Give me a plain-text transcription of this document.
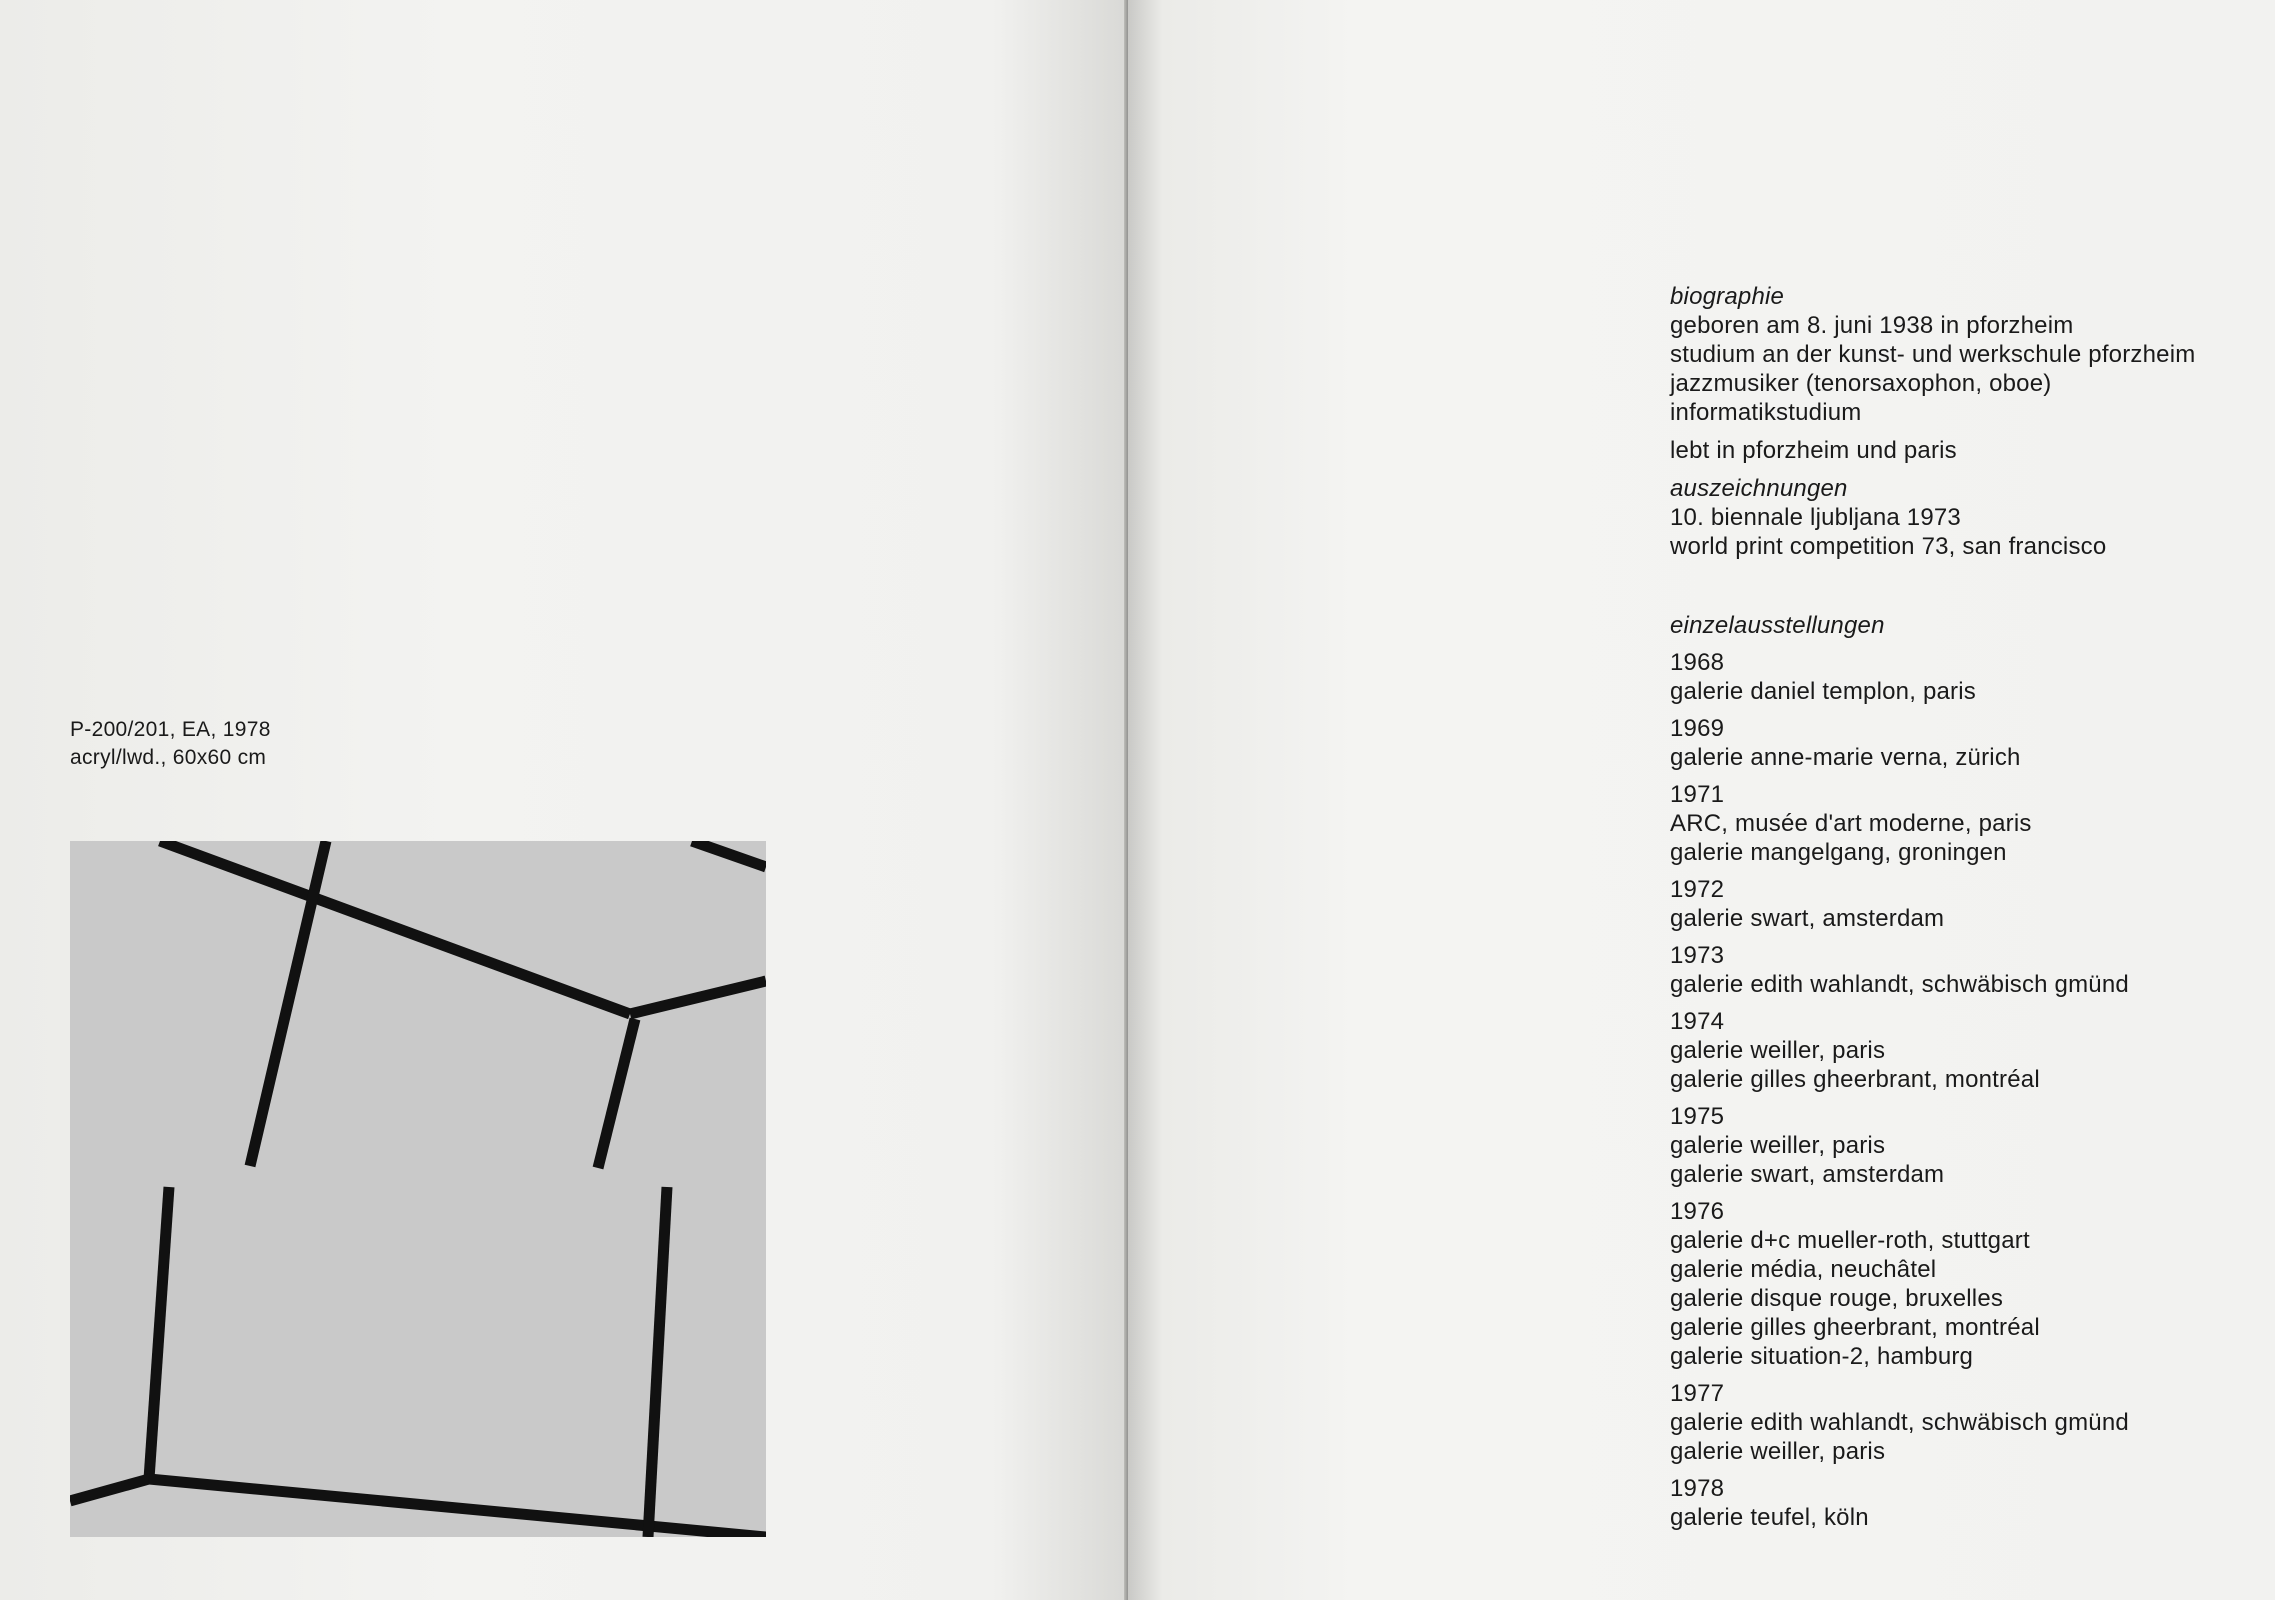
P-200/201, EA, 1978
acryl/lwd., 60x60 cm
biographie
geboren am 8. juni 1938 in pforzheim
studium an der kunst- und werkschule pforzheim
jazzmusiker (tenorsaxophon, oboe)
informatikstudium
lebt in pforzheim und paris
auszeichnungen
10. biennale ljubljana 1973
world print competition 73, san francisco
einzelausstellungen
1968
galerie daniel templon, paris
1969
galerie anne-marie verna, zürich
1971
ARC, musée d'art moderne, paris
galerie mangelgang, groningen
1972
galerie swart, amsterdam
1973
galerie edith wahlandt, schwäbisch gmünd
1974
galerie weiller, paris
galerie gilles gheerbrant, montréal
1975
galerie weiller, paris
galerie swart, amsterdam
1976
galerie d+c mueller-roth, stuttgart
galerie média, neuchâtel
galerie disque rouge, bruxelles
galerie gilles gheerbrant, montréal
galerie situation-2, hamburg
1977
galerie edith wahlandt, schwäbisch gmünd
galerie weiller, paris
1978
galerie teufel, köln
